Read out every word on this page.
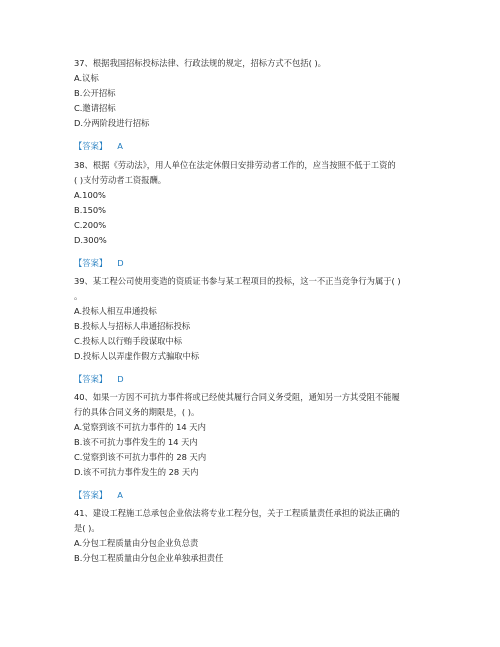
37、根据我国招标投标法律、行政法规的规定，招标方式不包括( )。

A.议标

B.公开招标

C.邀请招标

D.分两阶段进行招标

【答案】 A

38、根据《劳动法》，用人单位在法定休假日安排劳动者工作的，应当按照不低于工资的

( )支付劳动者工资报酬。

A.100%

B.150%

C.200%

D.300%

【答案】 D

39、某工程公司使用变造的资质证书参与某工程项目的投标，这一不正当竞争行为属于( )

。

A.投标人相互串通投标

B.投标人与招标人串通招标投标

C.投标人以行贿手段谋取中标

D.投标人以弄虚作假方式骗取中标

【答案】 D

40、如果一方因不可抗力事件将或已经使其履行合同义务受阻，通知另一方其受阻不能履

行的具体合同义务的期限是，( )。

A.觉察到该不可抗力事件的 14 天内

B.该不可抗力事件发生的 14 天内

C.觉察到该不可抗力事件的 28 天内

D.该不可抗力事件发生的 28 天内

【答案】 A

41、建设工程施工总承包企业依法将专业工程分包，关于工程质量责任承担的说法正确的

是( )。

A.分包工程质量由分包企业负总责

B.分包工程质量由分包企业单独承担责任
